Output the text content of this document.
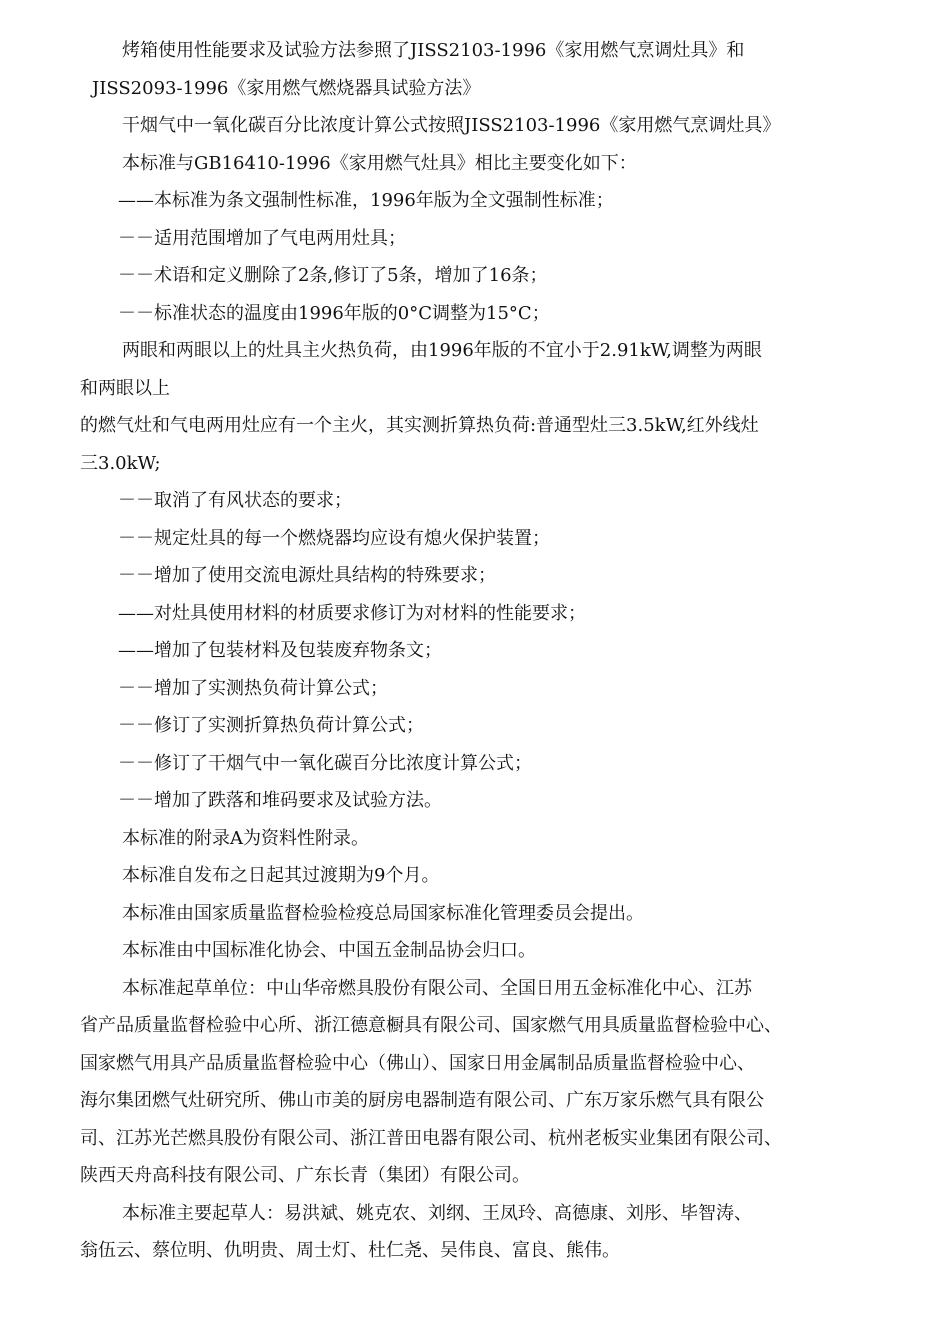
烤箱使用性能要求及试验方法参照了JISS2103-1996《家用燃气烹调灶具》和
JISS2093-1996《家用燃气燃烧器具试验方法》
干烟气中一氧化碳百分比浓度计算公式按照JISS2103-1996《家用燃气烹调灶具》
本标准与GB16410-1996《家用燃气灶具》相比主要变化如下：
——本标准为条文强制性标准，1996年版为全文强制性标准；
－－适用范围增加了气电两用灶具；
－－术语和定义删除了2条,修订了5条，增加了16条；
－－标准状态的温度由1996年版的0°C调整为15°C；
两眼和两眼以上的灶具主火热负荷，由1996年版的不宜小于2.91kW,调整为两眼
和两眼以上
的燃气灶和气电两用灶应有一个主火，其实测折算热负荷:普通型灶三3.5kW,红外线灶
三3.0kW;
－－取消了有风状态的要求；
－－规定灶具的每一个燃烧器均应设有熄火保护装置；
－－增加了使用交流电源灶具结构的特殊要求；
——对灶具使用材料的材质要求修订为对材料的性能要求；
——增加了包装材料及包装废弃物条文；
－－增加了实测热负荷计算公式；
－－修订了实测折算热负荷计算公式；
－－修订了干烟气中一氧化碳百分比浓度计算公式；
－－增加了跌落和堆码要求及试验方法。
本标准的附录A为资料性附录。
本标准自发布之日起其过渡期为9个月。
本标准由国家质量监督检验检疫总局国家标准化管理委员会提出。
本标准由中国标准化协会、中国五金制品协会归口。
本标准起草单位：中山华帝燃具股份有限公司、全国日用五金标准化中心、江苏
省产品质量监督检验中心所、浙江德意橱具有限公司、国家燃气用具质量监督检验中心、
国家燃气用具产品质量监督检验中心（佛山）、国家日用金属制品质量监督检验中心、
海尔集团燃气灶研究所、佛山市美的厨房电器制造有限公司、广东万家乐燃气具有限公
司、江苏光芒燃具股份有限公司、浙江普田电器有限公司、杭州老板实业集团有限公司、
陕西天舟高科技有限公司、广东长青（集团）有限公司。
本标准主要起草人：易洪斌、姚克农、刘纲、王凤玲、高德康、刘彤、毕智涛、
翁伍云、蔡位明、仇明贵、周士灯、杜仁尧、吴伟良、富良、熊伟。
